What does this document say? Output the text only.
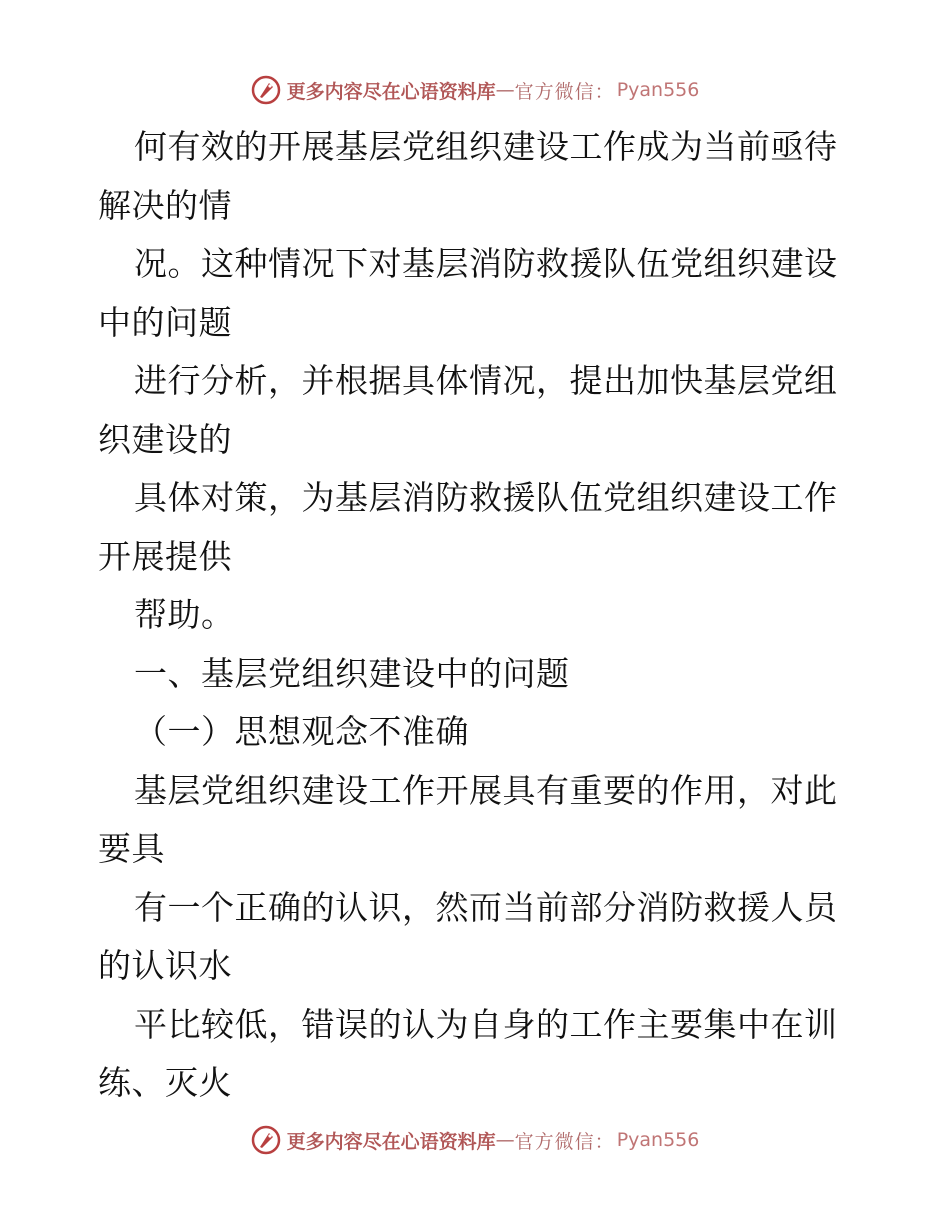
更多内容尽在心语资料库 — 官方微信： Pyan556
何有效的开展基层党组织建设工作成为当前亟待
解决的情
况。这种情况下对基层消防救援队伍党组织建设
中的问题
进行分析，并根据具体情况，提出加快基层党组
织建设的
具体对策，为基层消防救援队伍党组织建设工作
开展提供
帮助。
一、基层党组织建设中的问题
（一）思想观念不准确
基层党组织建设工作开展具有重要的作用，对此
要具
有一个正确的认识，然而当前部分消防救援人员
的认识水
平比较低，错误的认为自身的工作主要集中在训
练、灭火
更多内容尽在心语资料库 — 官方微信： Pyan556
